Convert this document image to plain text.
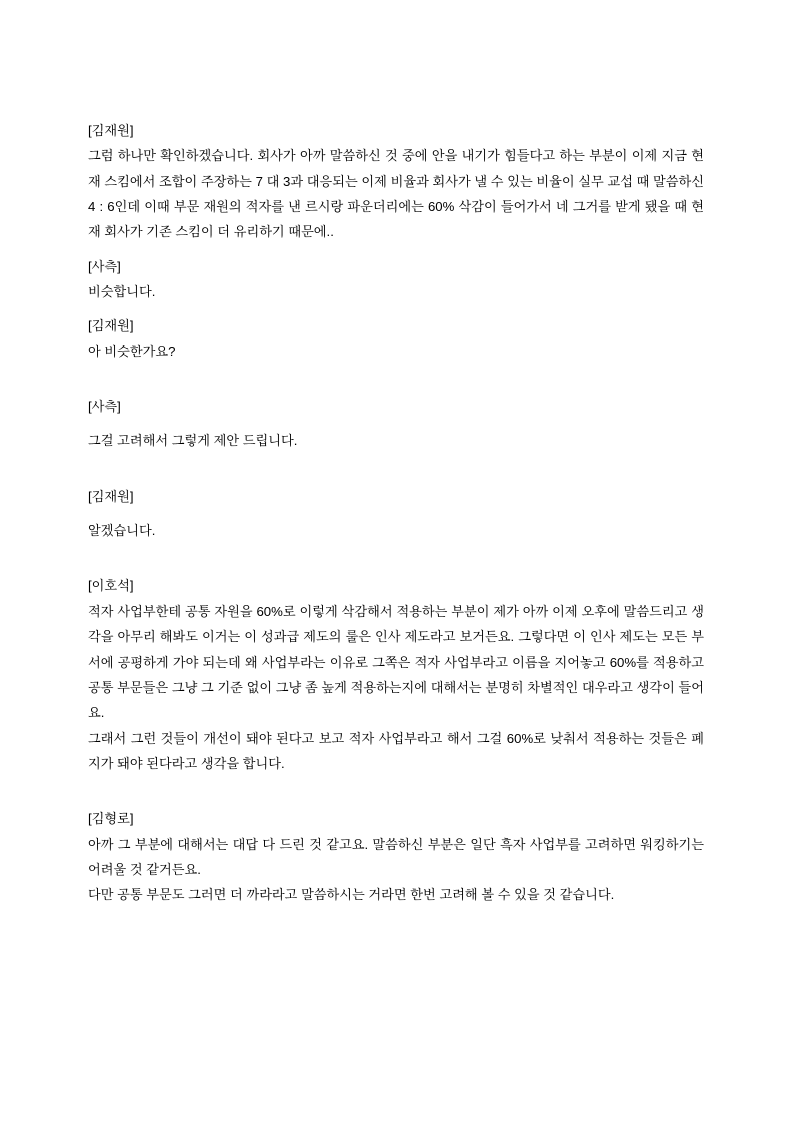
[김재원]

그럼 하나만 확인하겠습니다. 회사가 아까 말씀하신 것 중에 안을 내기가 힘들다고 하는 부분이 이제 지금 현재 스킴에서 조합이 주장하는 7 대 3과 대응되는 이제 비율과 회사가 낼 수 있는 비율이 실무 교섭 때 말씀하신 4 : 6인데 이때 부문 재원의 적자를 낸 르시랑 파운더리에는 60% 삭감이 들어가서 네 그거를 받게 됐을 때 현재 회사가 기존 스킴이 더 유리하기 때문에..

[사측]

비슷합니다.

[김재원]

아 비슷한가요?

[사측]

그걸 고려해서 그렇게 제안 드립니다.

[김재원]

알겠습니다.

[이호석]

적자 사업부한테 공통 자원을 60%로 이렇게 삭감해서 적용하는 부분이 제가 아까 이제 오후에 말씀드리고 생각을 아무리 해봐도 이거는 이 성과급 제도의 룰은 인사 제도라고 보거든요. 그렇다면 이 인사 제도는 모든 부서에 공평하게 가야 되는데 왜 사업부라는 이유로 그쪽은 적자 사업부라고 이름을 지어놓고 60%를 적용하고 공통 부문들은 그냥 그 기준 없이 그냥 좀 높게 적용하는지에 대해서는 분명히 차별적인 대우라고 생각이 들어요.

그래서 그런 것들이 개선이 돼야 된다고 보고 적자 사업부라고 해서 그걸 60%로 낮춰서 적용하는 것들은 폐지가 돼야 된다라고 생각을 합니다.

[김형로]

아까 그 부분에 대해서는 대답 다 드린 것 같고요. 말씀하신 부분은 일단 흑자 사업부를 고려하면 워킹하기는 어려울 것 같거든요.

다만 공통 부문도 그러면 더 까라라고 말씀하시는 거라면 한번 고려해 볼 수 있을 것 같습니다.
